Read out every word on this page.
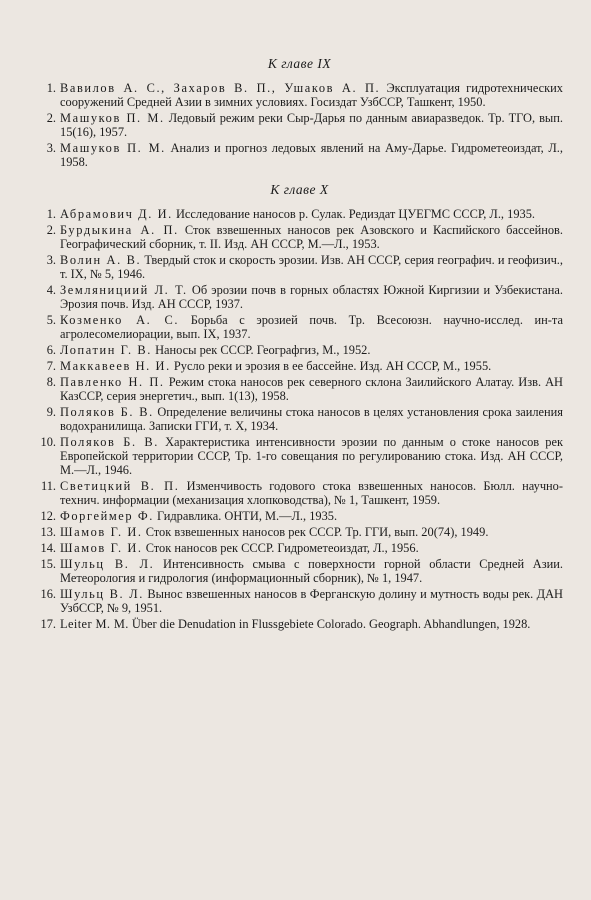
К главе IX
1. Вавилов А. С., Захаров В. П., Ушаков А. П. Эксплуатация гидротехнических сооружений Средней Азии в зимних условиях. Госиздат УзбССР, Ташкент, 1950.
2. Машуков П. М. Ледовый режим реки Сыр-Дарья по данным авиаразведок. Тр. ТГО, вып. 15(16), 1957.
3. Машуков П. М. Анализ и прогноз ледовых явлений на Аму-Дарье. Гидрометеоиздат, Л., 1958.
К главе X
1. Абрамович Д. И. Исследование наносов р. Сулак. Редиздат ЦУЕГМС СССР, Л., 1935.
2. Бурдыкина А. П. Сток взвешенных наносов рек Азовского и Каспийского бассейнов. Географический сборник, т. II. Изд. АН СССР, М.—Л., 1953.
3. Волин А. В. Твердый сток и скорость эрозии. Изв. АН СССР, серия географич. и геофизич., т. IX, № 5, 1946.
4. Землянициий Л. Т. Об эрозии почв в горных областях Южной Киргизии и Узбекистана. Эрозия почв. Изд. АН СССР, 1937.
5. Козменко А. С. Борьба с эрозией почв. Тр. Всесоюзн. научно-исслед. ин-та агролесомелиорации, вып. IX, 1937.
6. Лопатин Г. В. Наносы рек СССР. Географгиз, М., 1952.
7. Маккавеев Н. И. Русло реки и эрозия в ее бассейне. Изд. АН СССР, М., 1955.
8. Павленко Н. П. Режим стока наносов рек северного склона Заилийского Алатау. Изв. АН КазССР, серия энергетич., вып. 1(13), 1958.
9. Поляков Б. В. Определение величины стока наносов в целях установления срока заиления водохранилища. Записки ГГИ, т. X, 1934.
10. Поляков Б. В. Характеристика интенсивности эрозии по данным о стоке наносов рек Европейской территории СССР, Тр. 1-го совещания по регулированию стока. Изд. АН СССР, М.—Л., 1946.
11. Светицкий В. П. Изменчивость годового стока взвешенных наносов. Бюлл. научно-технич. информации (механизация хлопководства), № 1, Ташкент, 1959.
12. Форгеймер Ф. Гидравлика. ОНТИ, М.—Л., 1935.
13. Шамов Г. И. Сток взвешенных наносов рек СССР. Тр. ГГИ, вып. 20(74), 1949.
14. Шамов Г. И. Сток наносов рек СССР. Гидрометеоиздат, Л., 1956.
15. Шульц В. Л. Интенсивность смыва с поверхности горной области Средней Азии. Метеорология и гидрология (информационный сборник), № 1, 1947.
16. Шульц В. Л. Вынос взвешенных наносов в Ферганскую долину и мутность воды рек. ДАН УзбССР, № 9, 1951.
17. Leiter M. M. Über die Denudation in Flussgebiete Colorado. Geograph. Abhandlungen, 1928.
